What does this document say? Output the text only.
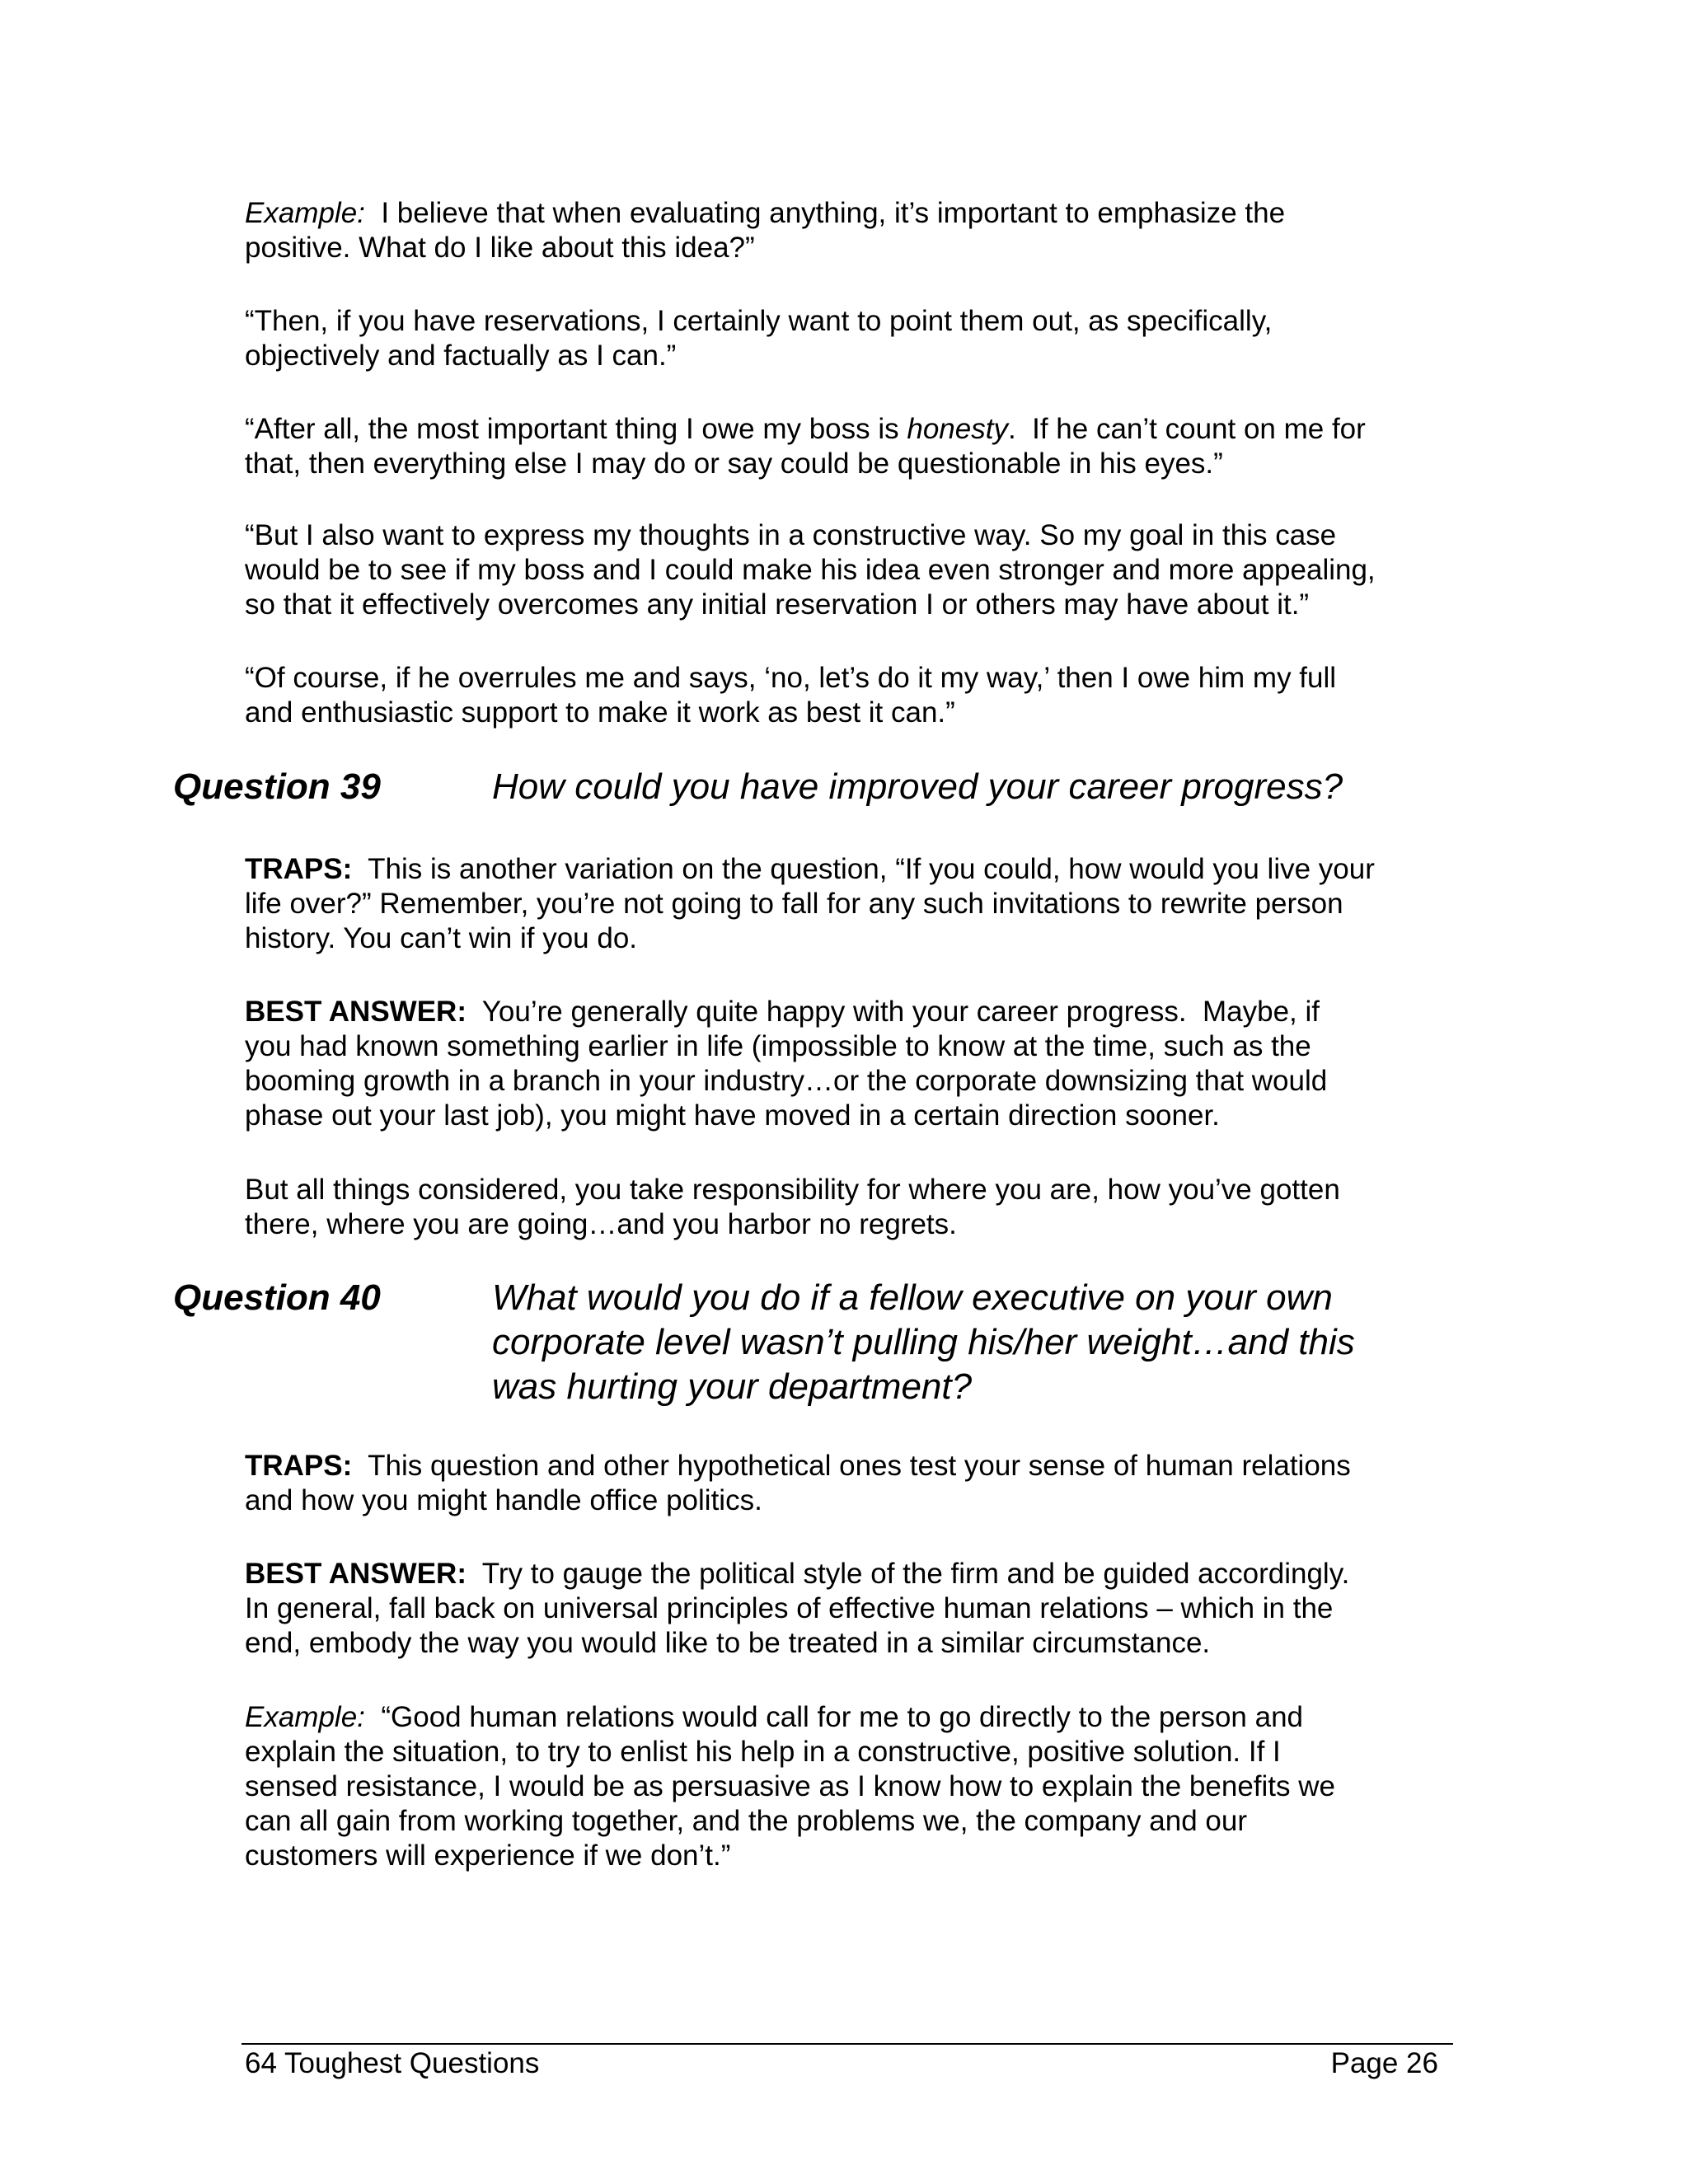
Example:  I believe that when evaluating anything, it’s important to emphasize the
positive. What do I like about this idea?”
“Then, if you have reservations, I certainly want to point them out, as specifically,
objectively and factually as I can.”
“After all, the most important thing I owe my boss is honesty.  If he can’t count on me for
that, then everything else I may do or say could be questionable in his eyes.”
“But I also want to express my thoughts in a constructive way. So my goal in this case
would be to see if my boss and I could make his idea even stronger and more appealing,
so that it effectively overcomes any initial reservation I or others may have about it.”
“Of course, if he overrules me and says, ‘no, let’s do it my way,’ then I owe him my full
and enthusiastic support to make it work as best it can.”
Question 39	How could you have improved your career progress?
TRAPS:  This is another variation on the question, “If you could, how would you live your
life over?” Remember, you’re not going to fall for any such invitations to rewrite person
history. You can’t win if you do.
BEST ANSWER:  You’re generally quite happy with your career progress.  Maybe, if
you had known something earlier in life (impossible to know at the time, such as the
booming growth in a branch in your industry…or the corporate downsizing that would
phase out your last job), you might have moved in a certain direction sooner.
But all things considered, you take responsibility for where you are, how you’ve gotten
there, where you are going…and you harbor no regrets.
Question 40	What would you do if a fellow executive on your own
corporate level wasn’t pulling his/her weight…and this
was hurting your department?
TRAPS:  This question and other hypothetical ones test your sense of human relations
and how you might handle office politics.
BEST ANSWER:  Try to gauge the political style of the firm and be guided accordingly.
In general, fall back on universal principles of effective human relations – which in the
end, embody the way you would like to be treated in a similar circumstance.
Example:  “Good human relations would call for me to go directly to the person and
explain the situation, to try to enlist his help in a constructive, positive solution. If I
sensed resistance, I would be as persuasive as I know how to explain the benefits we
can all gain from working together, and the problems we, the company and our
customers will experience if we don’t.”
64 Toughest Questions	Page 26
